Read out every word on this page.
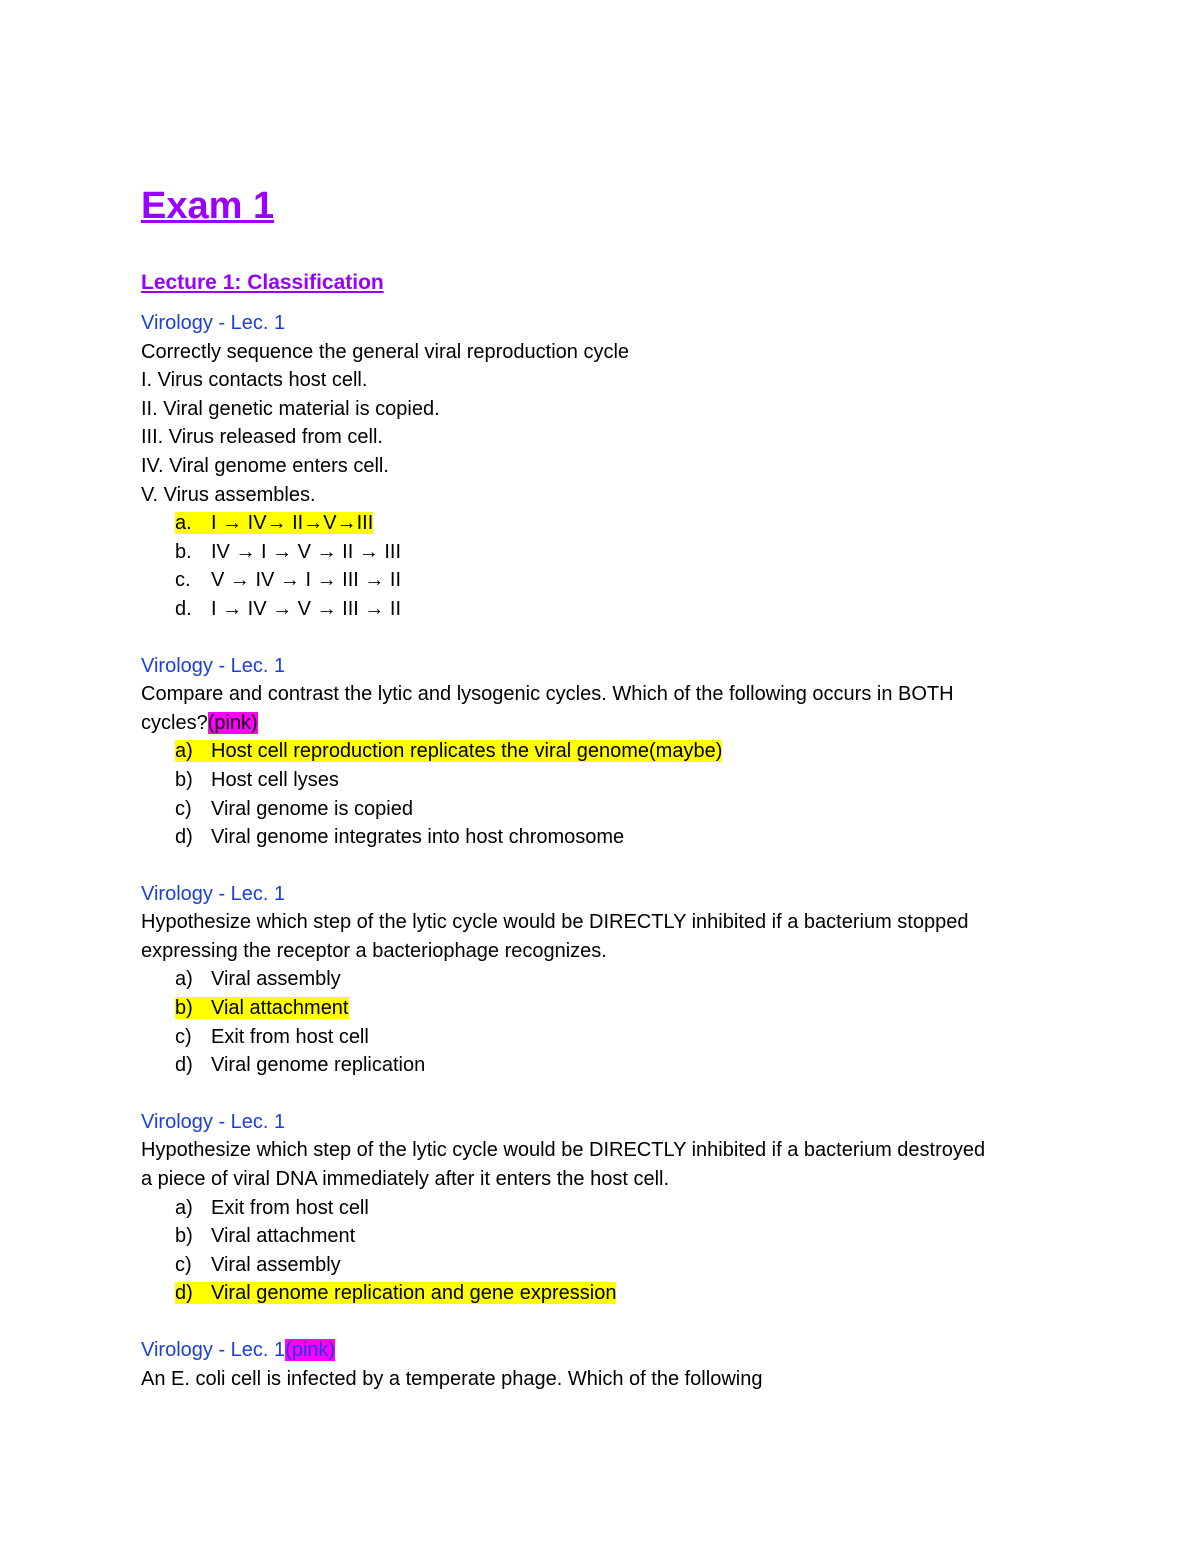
Exam 1
Lecture 1: Classification
Virology - Lec. 1
Correctly sequence the general viral reproduction cycle
I. Virus contacts host cell.
II. Viral genetic material is copied.
III. Virus released from cell.
IV. Viral genome enters cell.
V. Virus assembles.
a. I → IV→ II→V→III
b. IV → I → V → II → III
c. V → IV → I → III → II
d. I → IV → V → III → II
Virology - Lec. 1
Compare and contrast the lytic and lysogenic cycles. Which of the following occurs in BOTH
cycles?(pink)
a) Host cell reproduction replicates the viral genome(maybe)
b) Host cell lyses
c) Viral genome is copied
d) Viral genome integrates into host chromosome
Virology - Lec. 1
Hypothesize which step of the lytic cycle would be DIRECTLY inhibited if a bacterium stopped
expressing the receptor a bacteriophage recognizes.
a) Viral assembly
b) Vial attachment
c) Exit from host cell
d) Viral genome replication
Virology - Lec. 1
Hypothesize which step of the lytic cycle would be DIRECTLY inhibited if a bacterium destroyed
a piece of viral DNA immediately after it enters the host cell.
a) Exit from host cell
b) Viral attachment
c) Viral assembly
d) Viral genome replication and gene expression
Virology - Lec. 1(pink)
An E. coli cell is infected by a temperate phage. Which of the following
